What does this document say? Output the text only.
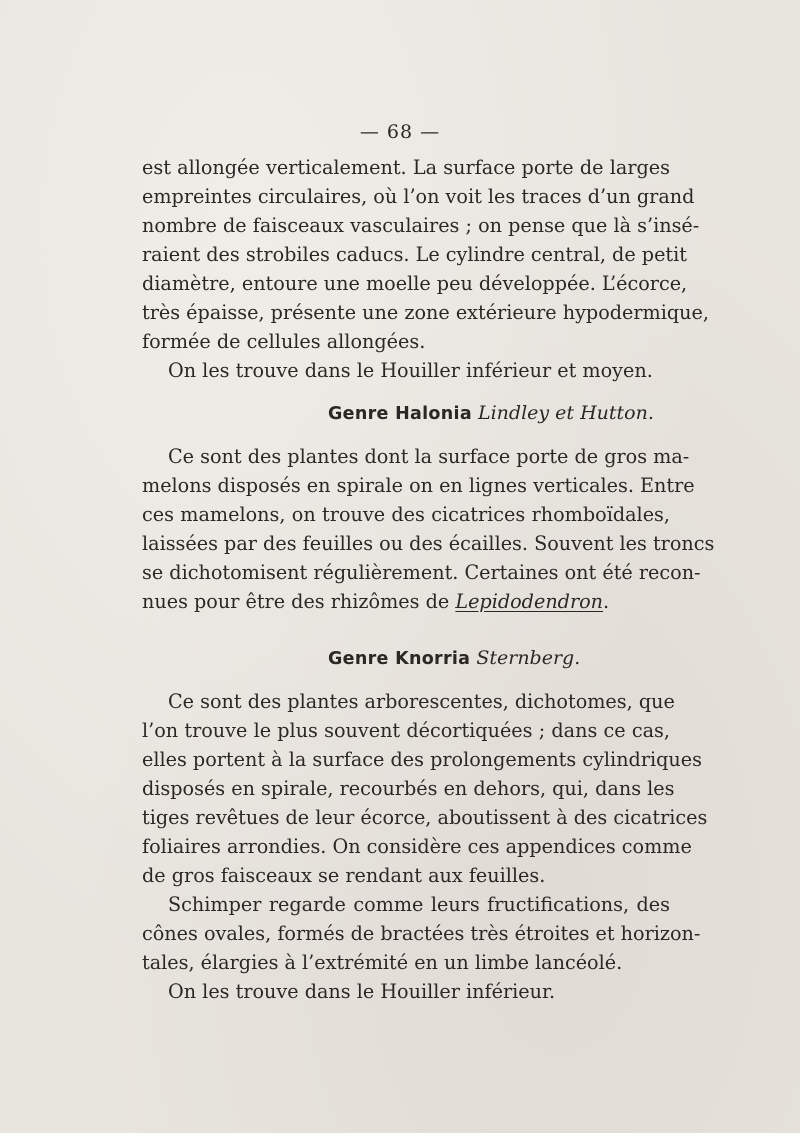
— 68 —
est allongée verticalement. La surface porte de larges
empreintes circulaires, où l’on voit les traces d’un grand
nombre de faisceaux vasculaires ; on pense que là s’insé-
raient des strobiles caducs. Le cylindre central, de petit
diamètre, entoure une moelle peu développée. L’écorce,
très épaisse, présente une zone extérieure hypodermique,
formée de cellules allongées.
On les trouve dans le Houiller inférieur et moyen.
Genre Halonia Lindley et Hutton.
Ce sont des plantes dont la surface porte de gros ma-
melons disposés en spirale on en lignes verticales. Entre
ces mamelons, on trouve des cicatrices rhomboïdales,
laissées par des feuilles ou des écailles. Souvent les troncs
se dichotomisent régulièrement. Certaines ont été recon-
nues pour être des rhizômes de Lepidodendron.
Genre Knorria Sternberg.
Ce sont des plantes arborescentes, dichotomes, que
l’on trouve le plus souvent décortiquées ; dans ce cas,
elles portent à la surface des prolongements cylindriques
disposés en spirale, recourbés en dehors, qui, dans les
tiges revêtues de leur écorce, aboutissent à des cicatrices
foliaires arrondies. On considère ces appendices comme
de gros faisceaux se rendant aux feuilles.
Schimper regarde comme leurs fructifications, des
cônes ovales, formés de bractées très étroites et horizon-
tales, élargies à l’extrémité en un limbe lancéolé.
On les trouve dans le Houiller inférieur.
